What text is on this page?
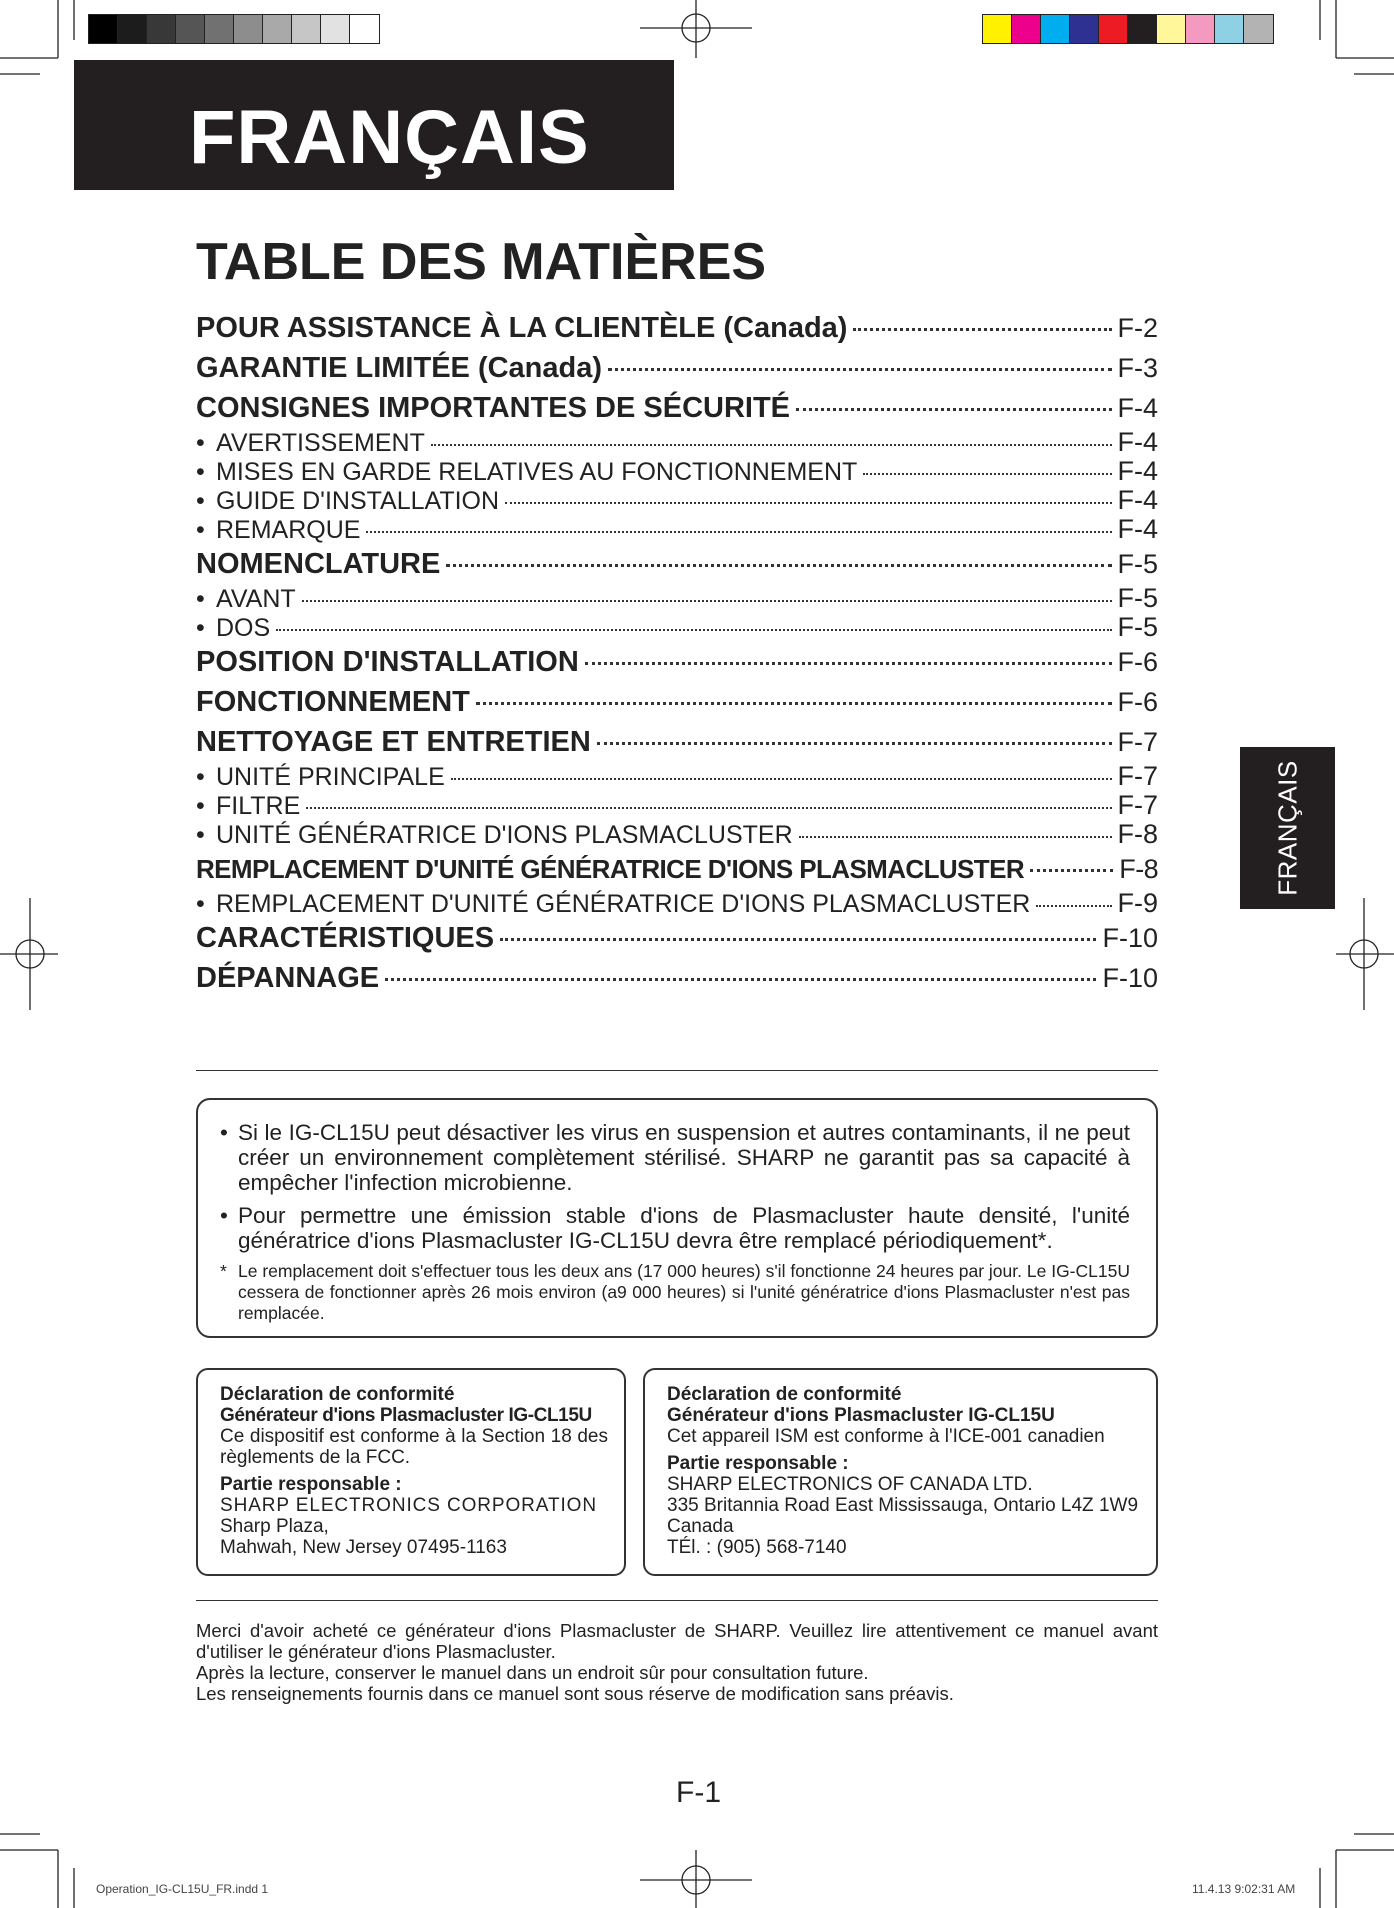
FRANÇAIS
FRANÇAIS
TABLE DES MATIÈRES
POUR ASSISTANCE À LA CLIENTÈLE (Canada)	F-2
GARANTIE LIMITÉE (Canada)	F-3
CONSIGNES IMPORTANTES DE SÉCURITÉ	F-4
• AVERTISSEMENT	F-4
• MISES EN GARDE RELATIVES AU FONCTIONNEMENT	F-4
• GUIDE D'INSTALLATION	F-4
• REMARQUE	F-4
NOMENCLATURE	F-5
• AVANT	F-5
• DOS	F-5
POSITION D'INSTALLATION	F-6
FONCTIONNEMENT	F-6
NETTOYAGE ET ENTRETIEN	F-7
• UNITÉ PRINCIPALE	F-7
• FILTRE	F-7
• UNITÉ GÉNÉRATRICE D'IONS PLASMACLUSTER	F-8
REMPLACEMENT D'UNITÉ GÉNÉRATRICE D'IONS PLASMACLUSTER	F-8
• REMPLACEMENT D'UNITÉ GÉNÉRATRICE D'IONS PLASMACLUSTER	F-9
CARACTÉRISTIQUES	F-10
DÉPANNAGE	F-10
• Si le IG-CL15U peut désactiver les virus en suspension et autres contaminants, il ne peut créer un environnement complètement stérilisé. SHARP ne garantit pas sa capacité à empêcher l'infection microbienne.

• Pour permettre une émission stable d'ions de Plasmacluster haute densité, l'unité génératrice d'ions Plasmacluster IG-CL15U devra être remplacé périodiquement*.

* Le remplacement doit s'effectuer tous les deux ans (17 000 heures) s'il fonctionne 24 heures par jour. Le IG-CL15U cessera de fonctionner après 26 mois environ (a9 000 heures) si l'unité génératrice d'ions Plasmacluster n'est pas remplacée.

Déclaration de conformité
Générateur d'ions Plasmacluster IG-CL15U
Ce dispositif est conforme à la Section 18 des règlements de la FCC.
Partie responsable :
SHARP ELECTRONICS CORPORATION
Sharp Plaza,
Mahwah, New Jersey 07495-1163
Déclaration de conformité
Générateur d'ions Plasmacluster IG-CL15U
Cet appareil ISM est conforme à l'ICE-001 canadien
Partie responsable :
SHARP ELECTRONICS OF CANADA LTD.
335 Britannia Road East Mississauga, Ontario L4Z 1W9 Canada
TÉl. : (905) 568-7140
Merci d'avoir acheté ce générateur d'ions Plasmacluster de SHARP. Veuillez lire attentivement ce manuel avant d'utiliser le générateur d'ions Plasmacluster.
Après la lecture, conserver le manuel dans un endroit sûr pour consultation future.
Les renseignements fournis dans ce manuel sont sous réserve de modification sans préavis.
F-1
Operation_IG-CL15U_FR.indd 1	11.4.13 9:02:31 AM
